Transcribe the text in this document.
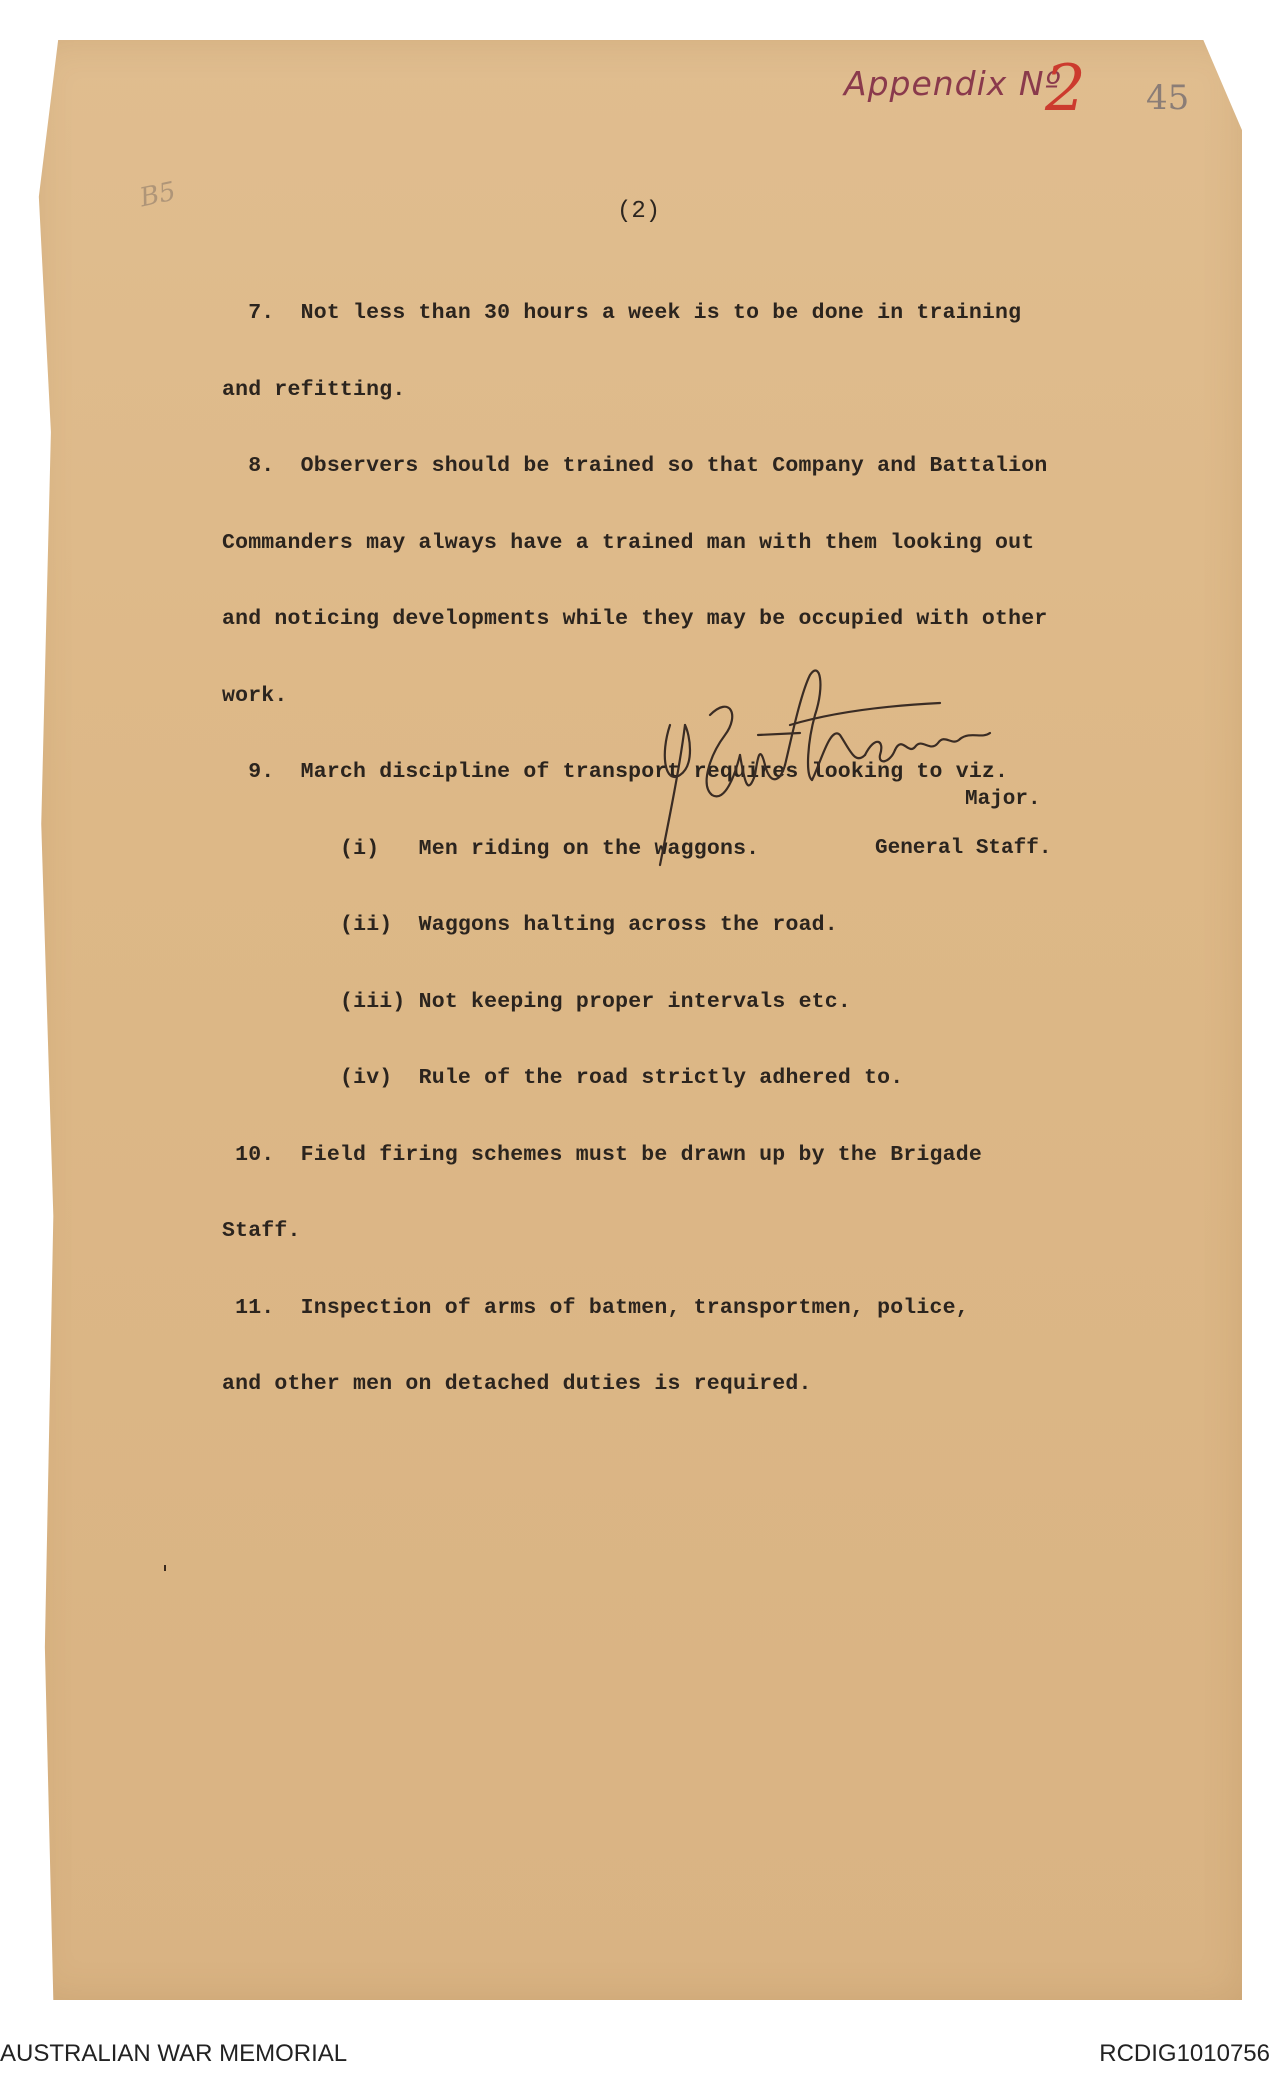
Appendix Nº
2 45
B5	(2)

7.  Not less than 30 hours a week is to be done in training

and refitting.

8.  Observers should be trained so that Company and Battalion

Commanders may always have a trained man with them looking out

and noticing developments while they may be occupied with other

work.

9.  March discipline of transport requires looking to viz.

(i)   Men riding on the waggons.

(ii)  Waggons halting across the road.

(iii) Not keeping proper intervals etc.

(iv)  Rule of the road strictly adhered to.

10.  Field firing schemes must be drawn up by the Brigade

Staff.

11.  Inspection of arms of batmen, transportmen, police,

and other men on detached duties is required.

Major.
General Staff.
AUSTRALIAN WAR MEMORIAL	RCDIG1010756
